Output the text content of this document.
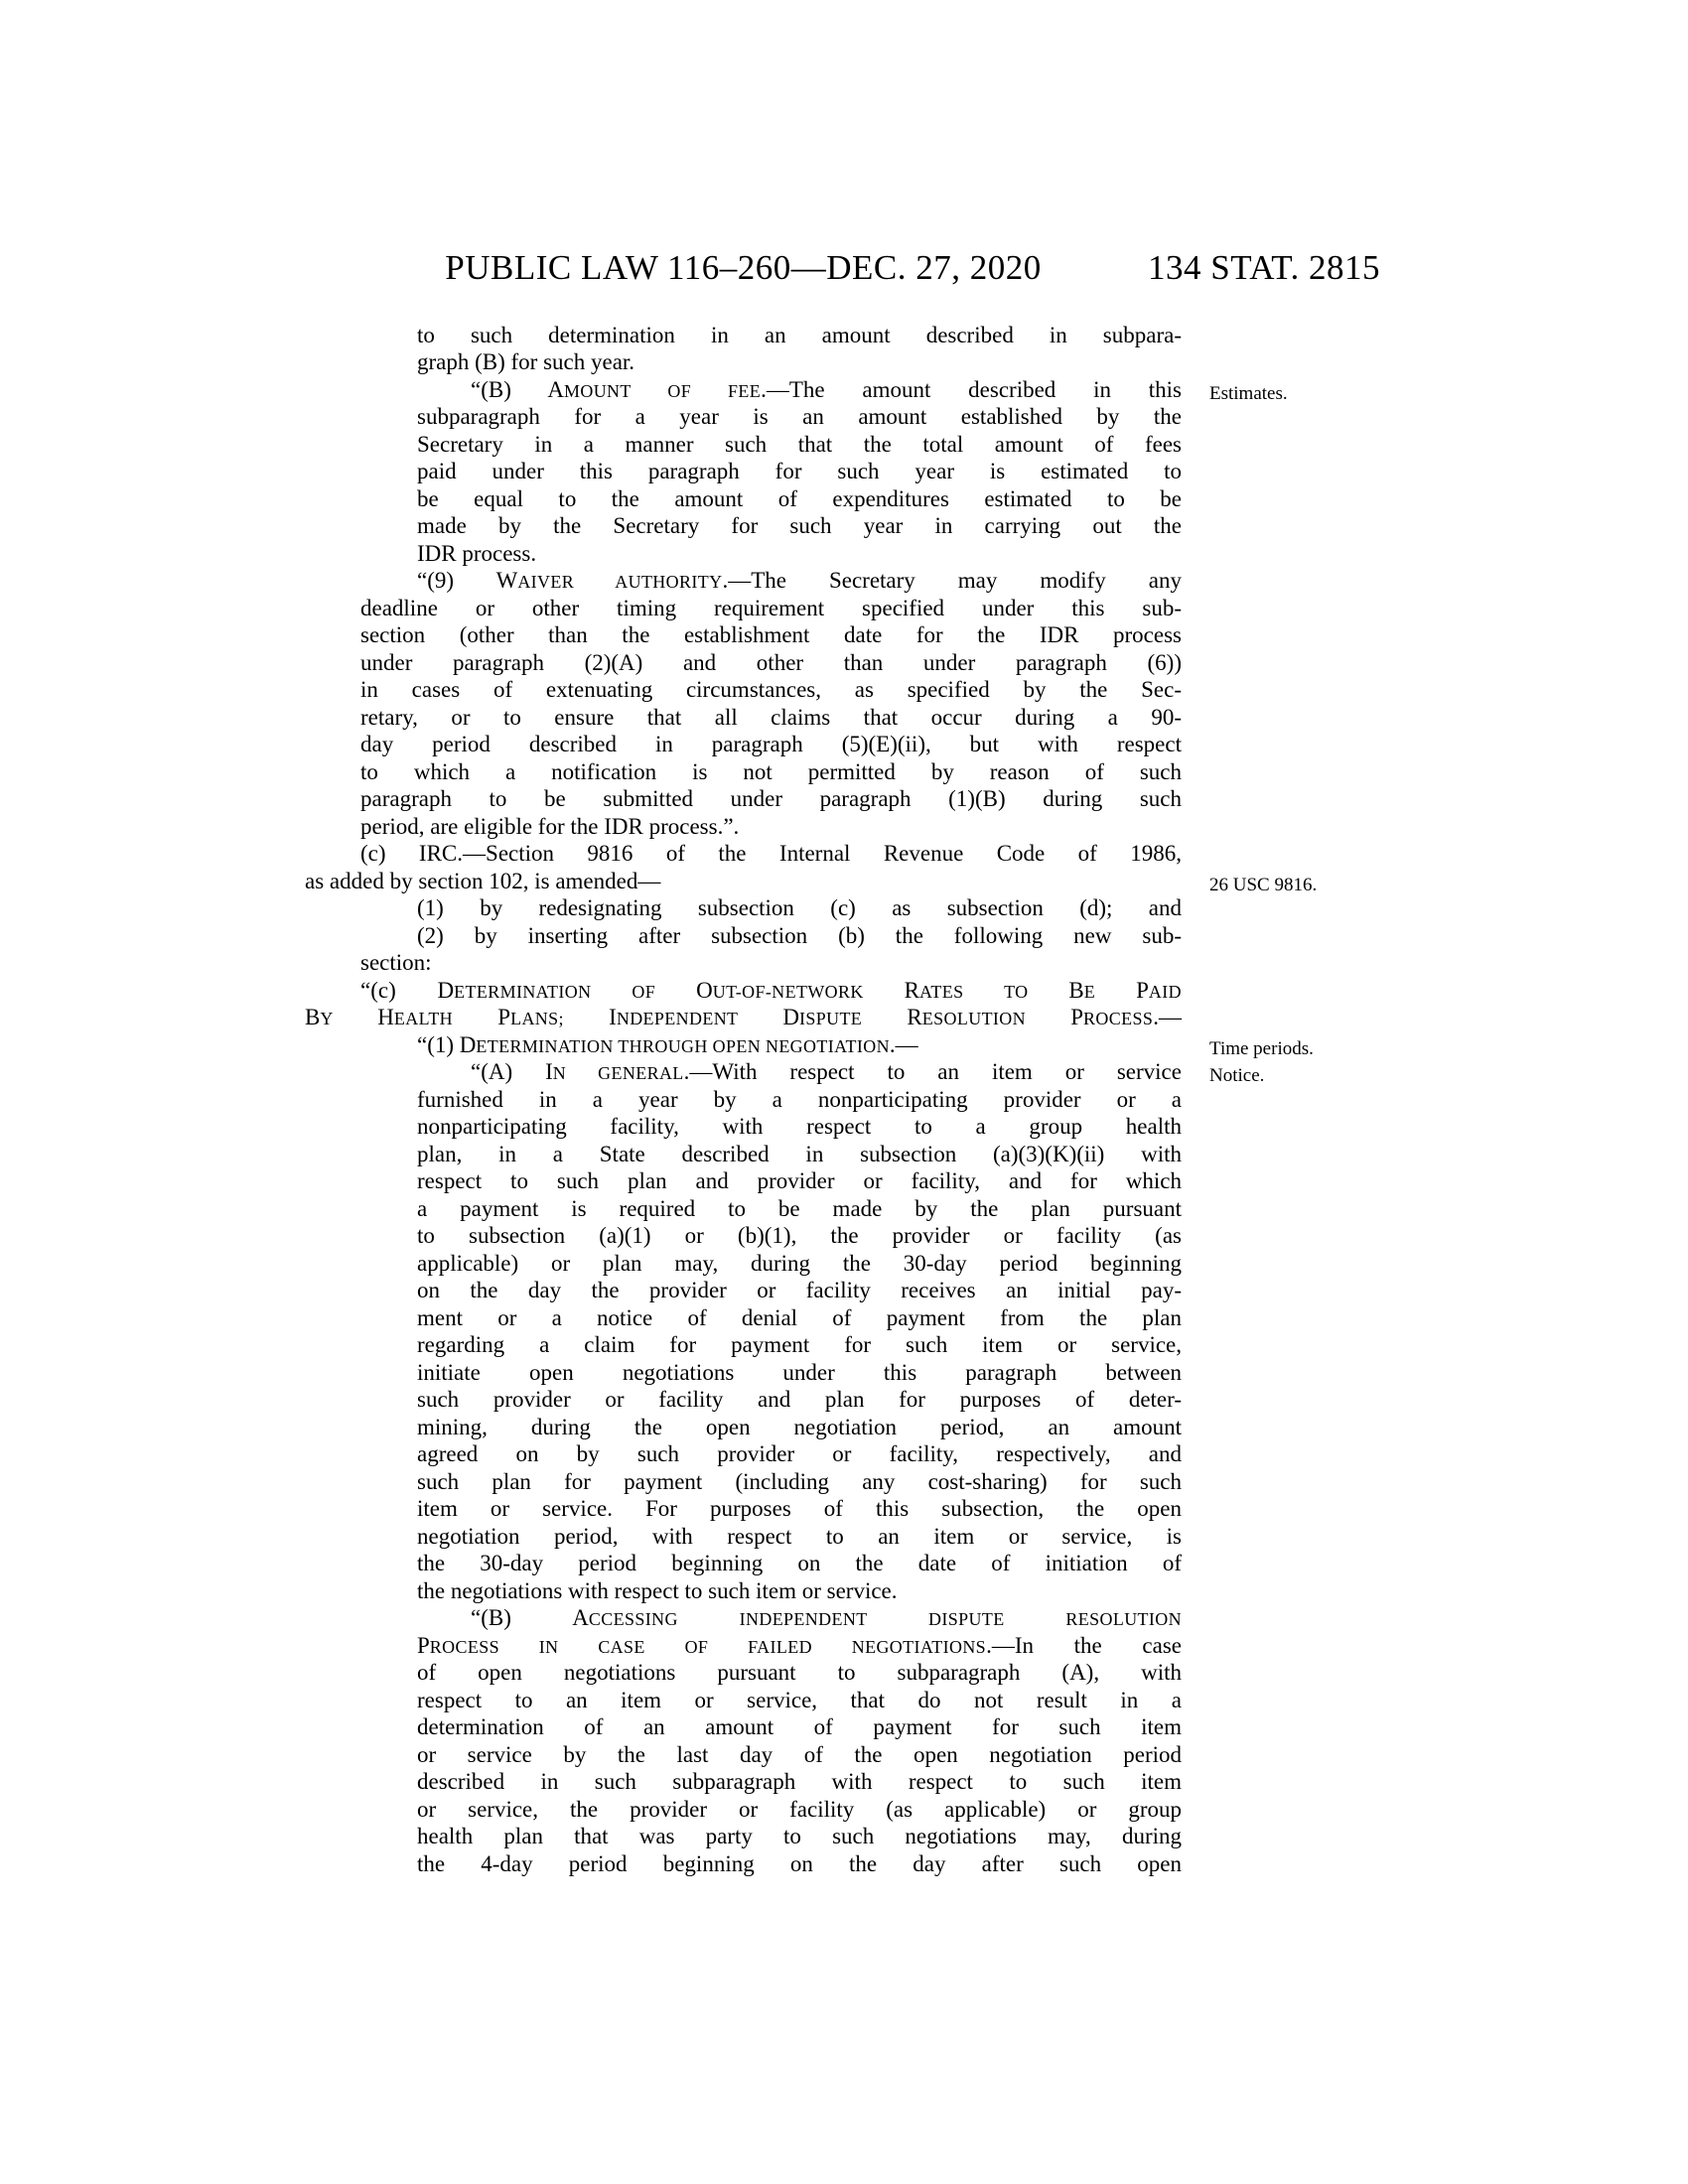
PUBLIC LAW 116–260—DEC. 27, 2020	134 STAT. 2815
to such determination in an amount described in subpara-
graph (B) for such year.
“(B) AMOUNT OF FEE.—The amount described in this
subparagraph for a year is an amount established by the
Secretary in a manner such that the total amount of fees
paid under this paragraph for such year is estimated to
be equal to the amount of expenditures estimated to be
made by the Secretary for such year in carrying out the
IDR process.
“(9) WAIVER AUTHORITY.—The Secretary may modify any
deadline or other timing requirement specified under this sub-
section (other than the establishment date for the IDR process
under paragraph (2)(A) and other than under paragraph (6))
in cases of extenuating circumstances, as specified by the Sec-
retary, or to ensure that all claims that occur during a 90-
day period described in paragraph (5)(E)(ii), but with respect
to which a notification is not permitted by reason of such
paragraph to be submitted under paragraph (1)(B) during such
period, are eligible for the IDR process.”.
(c) IRC.—Section 9816 of the Internal Revenue Code of 1986,
as added by section 102, is amended—
(1) by redesignating subsection (c) as subsection (d); and
(2) by inserting after subsection (b) the following new sub-
section:
“(c) DETERMINATION OF OUT-OF-NETWORK RATES TO BE PAID
BY HEALTH PLANS; INDEPENDENT DISPUTE RESOLUTION PROCESS.—
“(1) DETERMINATION THROUGH OPEN NEGOTIATION.—
“(A) IN GENERAL.—With respect to an item or service
furnished in a year by a nonparticipating provider or a
nonparticipating facility, with respect to a group health
plan, in a State described in subsection (a)(3)(K)(ii) with
respect to such plan and provider or facility, and for which
a payment is required to be made by the plan pursuant
to subsection (a)(1) or (b)(1), the provider or facility (as
applicable) or plan may, during the 30-day period beginning
on the day the provider or facility receives an initial pay-
ment or a notice of denial of payment from the plan
regarding a claim for payment for such item or service,
initiate open negotiations under this paragraph between
such provider or facility and plan for purposes of deter-
mining, during the open negotiation period, an amount
agreed on by such provider or facility, respectively, and
such plan for payment (including any cost-sharing) for such
item or service. For purposes of this subsection, the open
negotiation period, with respect to an item or service, is
the 30-day period beginning on the date of initiation of
the negotiations with respect to such item or service.
“(B) ACCESSING INDEPENDENT DISPUTE RESOLUTION
PROCESS IN CASE OF FAILED NEGOTIATIONS.—In the case
of open negotiations pursuant to subparagraph (A), with
respect to an item or service, that do not result in a
determination of an amount of payment for such item
or service by the last day of the open negotiation period
described in such subparagraph with respect to such item
or service, the provider or facility (as applicable) or group
health plan that was party to such negotiations may, during
the 4-day period beginning on the day after such open
Estimates.
26 USC 9816.
Time periods.
Notice.
